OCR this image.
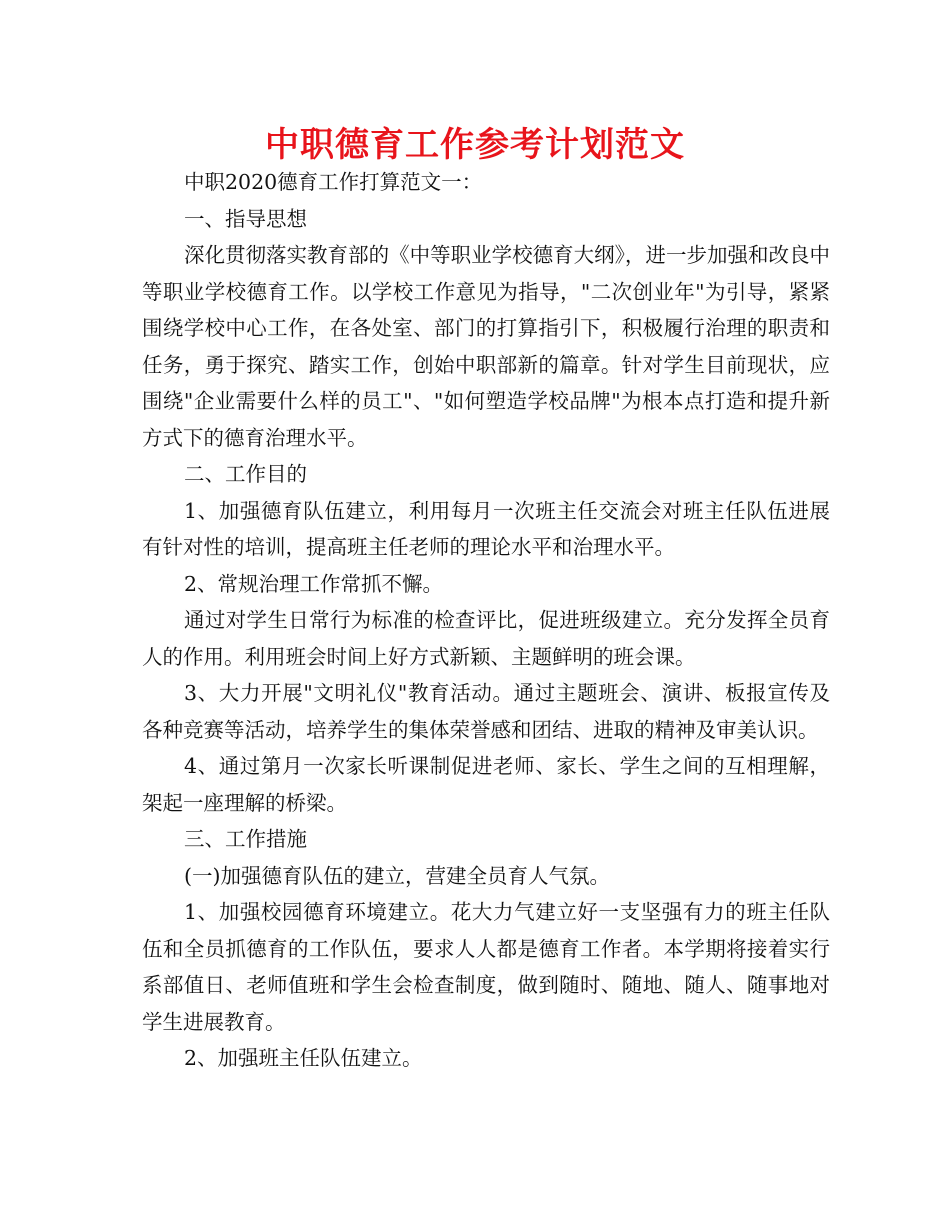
中职德育工作参考计划范文

中职2020德育工作打算范文一：

一、指导思想

深化贯彻落实教育部的《中等职业学校德育大纲》，进一步加强和改良中等职业学校德育工作。以学校工作意见为指导，"二次创业年"为引导，紧紧围绕学校中心工作，在各处室、部门的打算指引下，积极履行治理的职责和任务，勇于探究、踏实工作，创始中职部新的篇章。针对学生目前现状，应围绕"企业需要什么样的员工"、"如何塑造学校品牌"为根本点打造和提升新方式下的德育治理水平。

二、工作目的

1、加强德育队伍建立，利用每月一次班主任交流会对班主任队伍进展有针对性的培训，提高班主任老师的理论水平和治理水平。

2、常规治理工作常抓不懈。

通过对学生日常行为标准的检查评比，促进班级建立。充分发挥全员育人的作用。利用班会时间上好方式新颖、主题鲜明的班会课。

3、大力开展"文明礼仪"教育活动。通过主题班会、演讲、板报宣传及各种竞赛等活动，培养学生的集体荣誉感和团结、进取的精神及审美认识。

4、通过第月一次家长听课制促进老师、家长、学生之间的互相理解，架起一座理解的桥梁。

三、工作措施

(一)加强德育队伍的建立，营建全员育人气氛。

1、加强校园德育环境建立。花大力气建立好一支坚强有力的班主任队伍和全员抓德育的工作队伍，要求人人都是德育工作者。本学期将接着实行系部值日、老师值班和学生会检查制度，做到随时、随地、随人、随事地对学生进展教育。

2、加强班主任队伍建立。
